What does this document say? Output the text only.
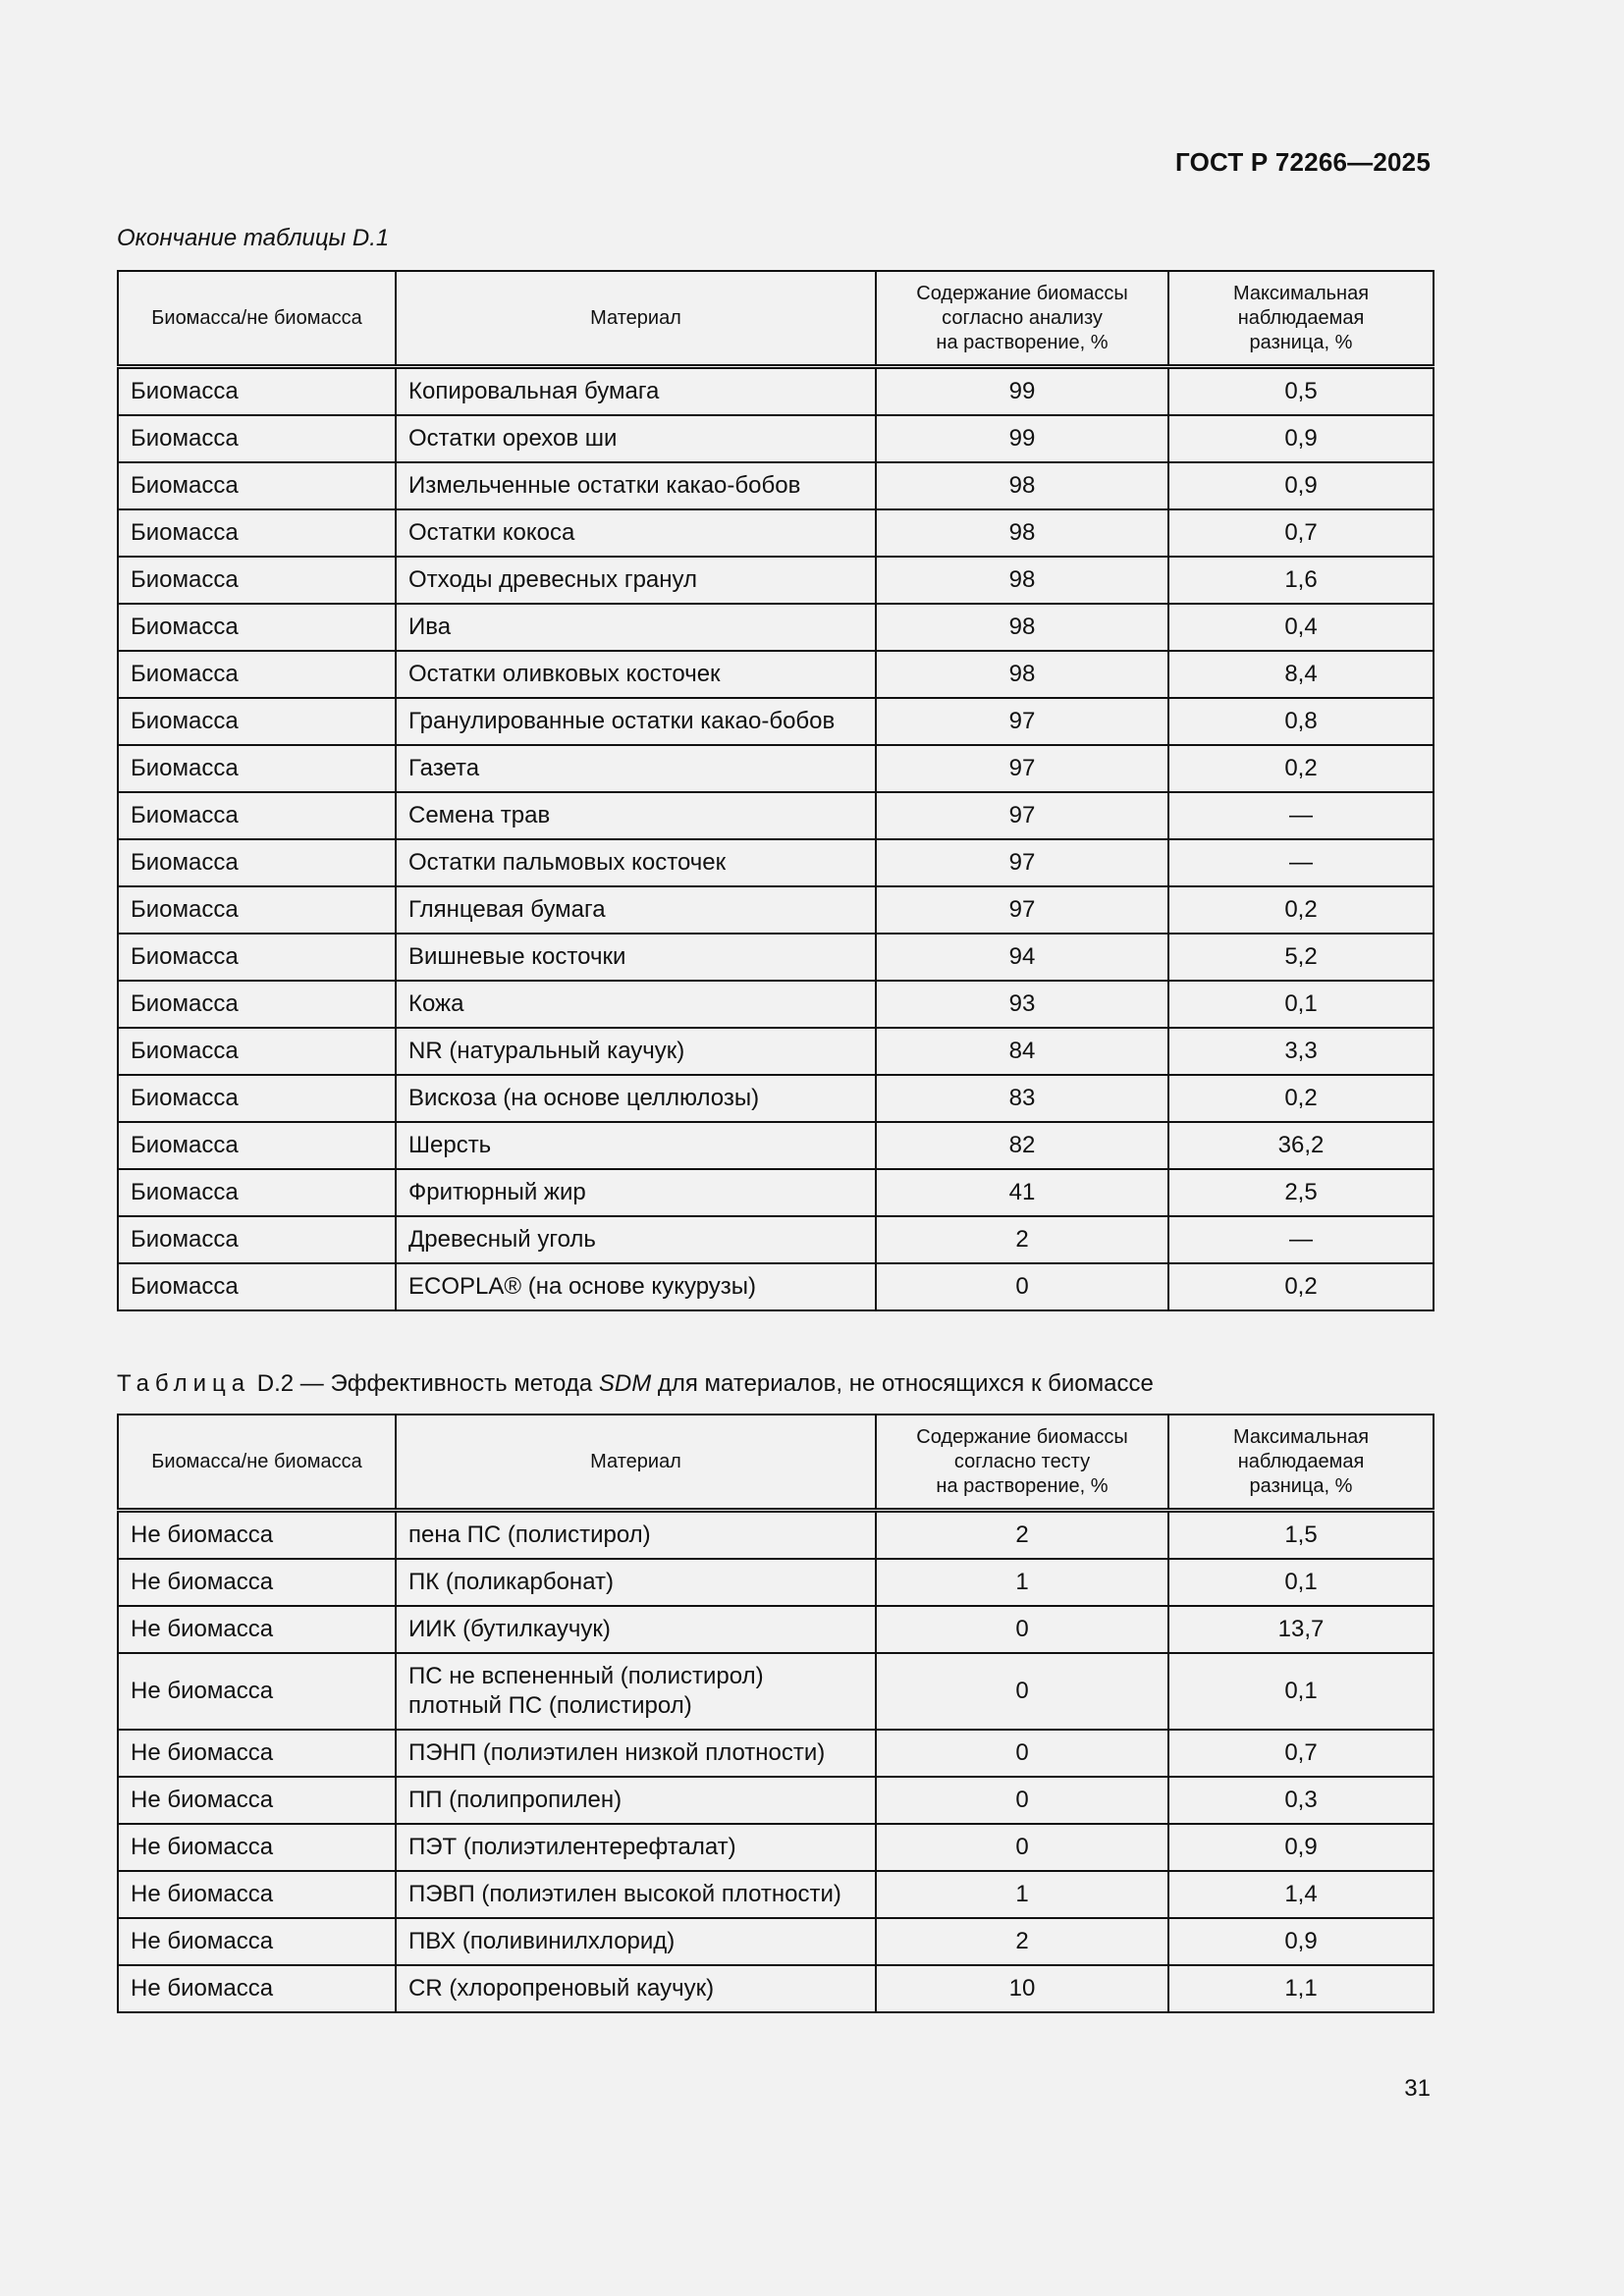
ГОСТ Р 72266—2025
Окончание таблицы D.1
Биомасса/не биомасса	Материал	Содержание биомассы
согласно анализу
на растворение, %	Максимальная
наблюдаемая
разница, %

Биомасса	Копировальная бумага	99	0,5
Биомасса	Остатки орехов ши	99	0,9
Биомасса	Измельченные остатки какао-бобов	98	0,9
Биомасса	Остатки кокоса	98	0,7
Биомасса	Отходы древесных гранул	98	1,6
Биомасса	Ива	98	0,4
Биомасса	Остатки оливковых косточек	98	8,4
Биомасса	Гранулированные остатки какао-бобов	97	0,8
Биомасса	Газета	97	0,2
Биомасса	Семена трав	97	—
Биомасса	Остатки пальмовых косточек	97	—
Биомасса	Глянцевая бумага	97	0,2
Биомасса	Вишневые косточки	94	5,2
Биомасса	Кожа	93	0,1
Биомасса	NR (натуральный каучук)	84	3,3
Биомасса	Вискоза (на основе целлюлозы)	83	0,2
Биомасса	Шерсть	82	36,2
Биомасса	Фритюрный жир	41	2,5
Биомасса	Древесный уголь	2	—
Биомасса	ECOPLA® (на основе кукурузы)	0	0,2
Таблица D.2 — Эффективность метода SDM для материалов, не относящихся к биомассе
Биомасса/не биомасса	Материал	Содержание биомассы
согласно тесту
на растворение, %	Максимальная
наблюдаемая
разница, %

Не биомасса	пена ПС (полистирол)	2	1,5
Не биомасса	ПК (поликарбонат)	1	0,1
Не биомасса	ИИК (бутилкаучук)	0	13,7
Не биомасса	ПС не вспененный (полистирол)
плотный ПС (полистирол)	0	0,1
Не биомасса	ПЭНП (полиэтилен низкой плотности)	0	0,7
Не биомасса	ПП (полипропилен)	0	0,3
Не биомасса	ПЭТ (полиэтилентерефталат)	0	0,9
Не биомасса	ПЭВП (полиэтилен высокой плотности)	1	1,4
Не биомасса	ПВХ (поливинилхлорид)	2	0,9
Не биомасса	CR (хлоропреновый каучук)	10	1,1
31
